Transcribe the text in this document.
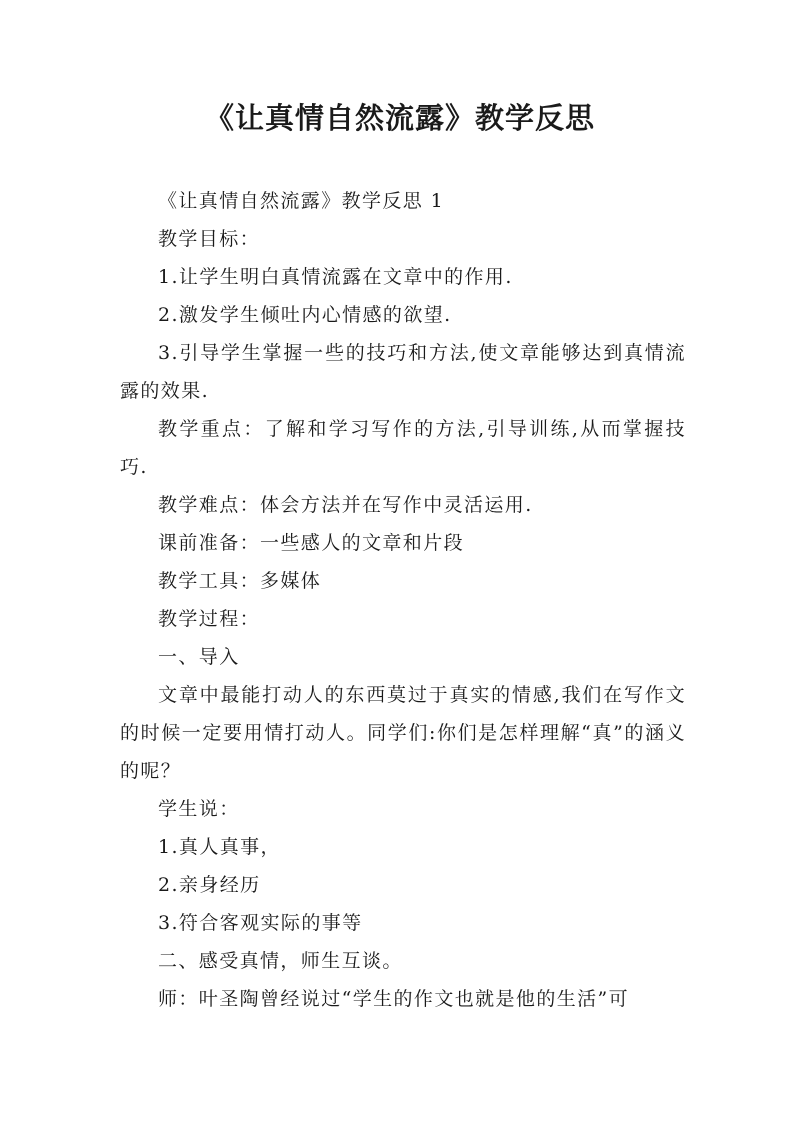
《让真情自然流露》教学反思

《让真情自然流露》教学反思 1

教学目标：

1.让学生明白真情流露在文章中的作用.

2.激发学生倾吐内心情感的欲望.

3.引导学生掌握一些的技巧和方法,使文章能够达到真情流露的效果.

教学重点：了解和学习写作的方法,引导训练,从而掌握技巧.

教学难点：体会方法并在写作中灵活运用.

课前准备：一些感人的文章和片段

教学工具：多媒体

教学过程：

一、导入

文章中最能打动人的东西莫过于真实的情感,我们在写作文的时候一定要用情打动人。同学们:你们是怎样理解“真”的涵义的呢？

学生说：

1.真人真事，

2.亲身经历

3.符合客观实际的事等

二、感受真情，师生互谈。

师：叶圣陶曾经说过“学生的作文也就是他的生活”可
